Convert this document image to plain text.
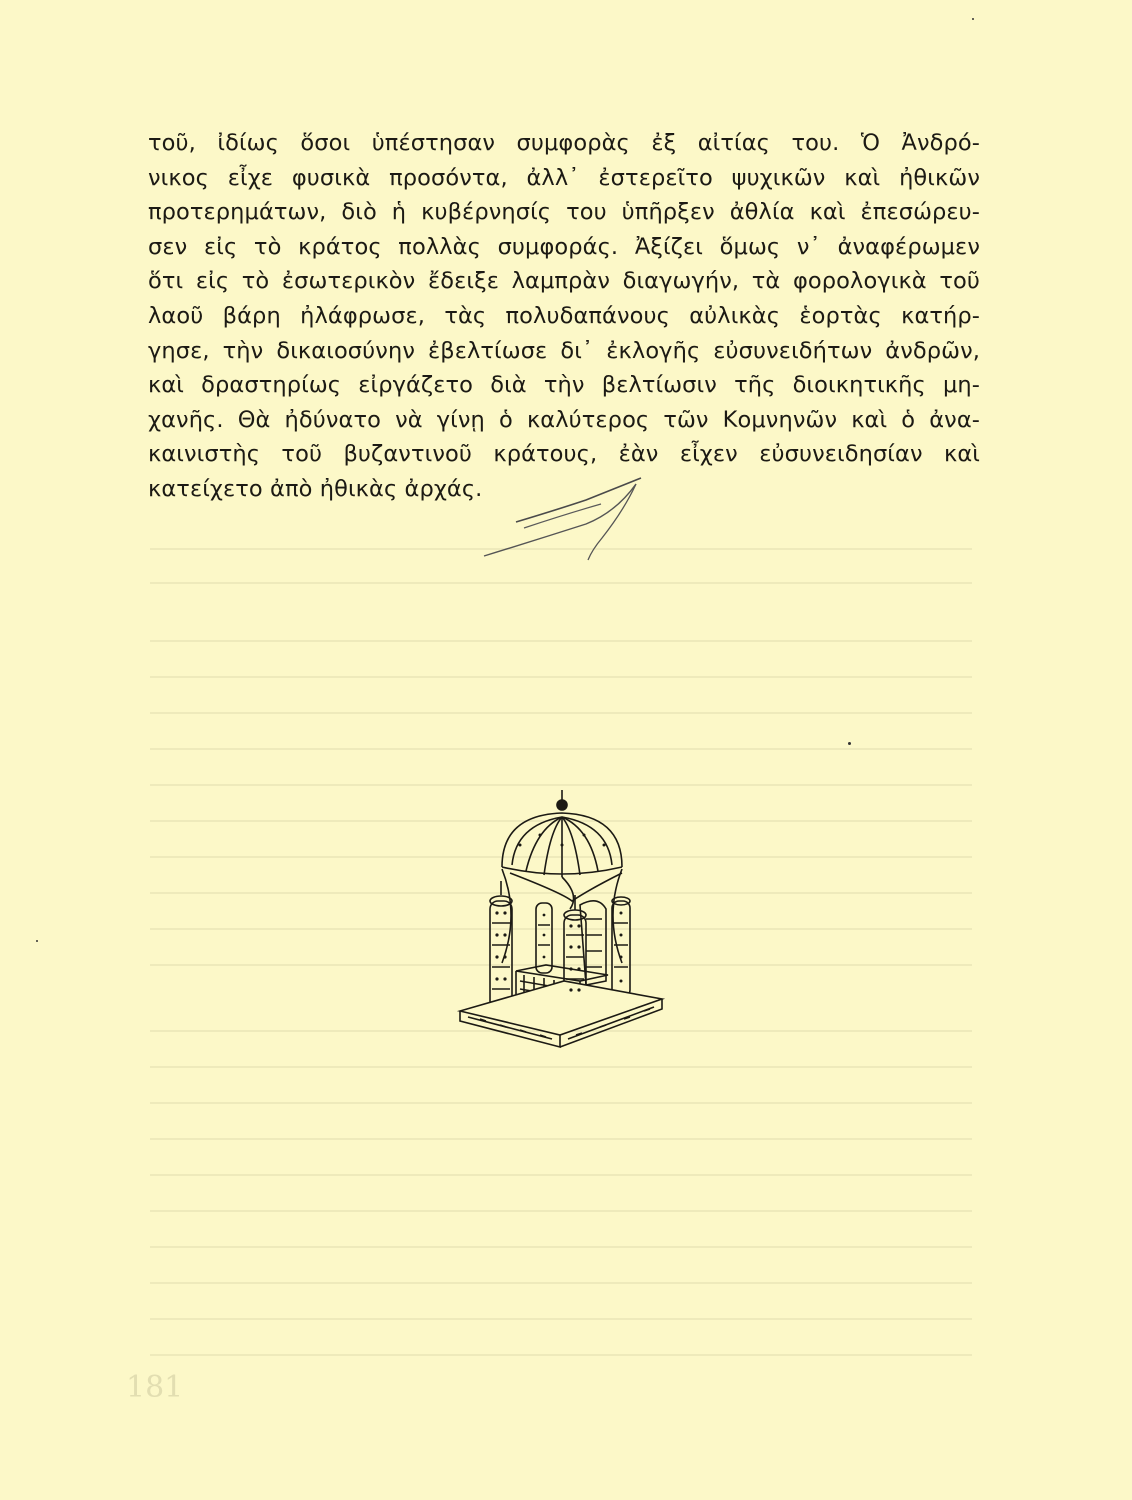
τοῦ, ἰδίως ὅσοι ὑπέστησαν συμφορὰς ἐξ αἰτίας του. Ὁ Ἀνδρό-
νικος εἶχε φυσικὰ προσόντα, ἀλλ᾽ ἐστερεῖτο ψυχικῶν καὶ ἠθικῶν
προτερημάτων, διὸ ἡ κυβέρνησίς του ὑπῆρξεν ἀθλία καὶ ἐπεσώρευ-
σεν εἰς τὸ κράτος πολλὰς συμφοράς. Ἀξίζει ὅμως ν᾽ ἀναφέρωμεν
ὅτι εἰς τὸ ἐσωτερικὸν ἔδειξε λαμπρὰν διαγωγήν, τὰ φορολογικὰ τοῦ
λαοῦ βάρη ἠλάφρωσε, τὰς πολυδαπάνους αὐλικὰς ἑορτὰς κατήρ-
γησε, τὴν δικαιοσύνην ἐβελτίωσε δι᾽ ἐκλογῆς εὐσυνειδήτων ἀνδρῶν,
καὶ δραστηρίως εἰργάζετο διὰ τὴν βελτίωσιν τῆς διοικητικῆς μη-
χανῆς. Θὰ ἠδύνατο νὰ γίνῃ ὁ καλύτερος τῶν Κομνηνῶν καὶ ὁ ἀνα-
καινιστὴς τοῦ βυζαντινοῦ κράτους, ἐὰν εἶχεν εὐσυνειδησίαν καὶ
κατείχετο ἀπὸ ἠθικὰς ἀρχάς.
181
